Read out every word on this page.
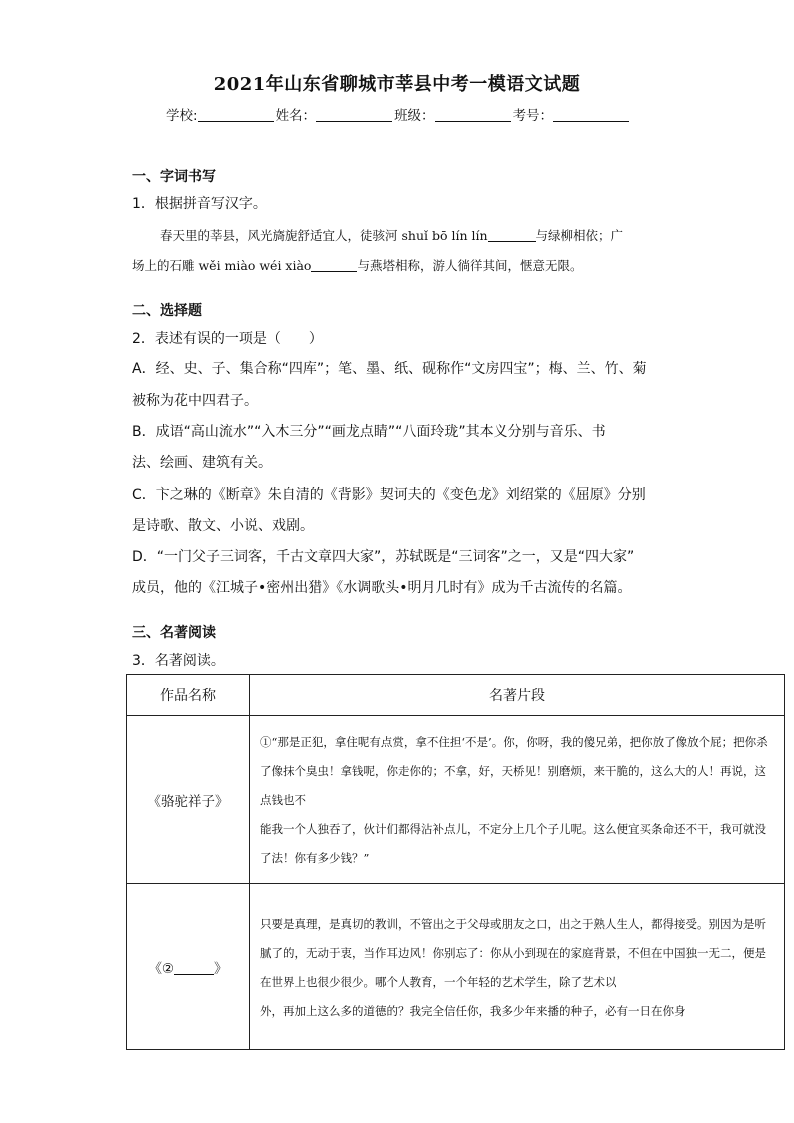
2021年山东省聊城市莘县中考一模语文试题
学校:	姓名：	班级：	考号：
一、字词书写
1．根据拼音写汉字。
春天里的莘县，风光旖旎舒适宜人，徒骇河 shuǐ bō lín lín	与绿柳相依；广
场上的石雕 wěi miào wéi xiào	与燕塔相称，游人徜徉其间，惬意无限。
二、选择题
2．表述有误的一项是（　　）
A．经、史、子、集合称“四库”；笔、墨、纸、砚称作“文房四宝”；梅、兰、竹、菊
被称为花中四君子。
B．成语“高山流水”“入木三分”“画龙点睛”“八面玲珑”其本义分别与音乐、书
法、绘画、建筑有关。
C．卞之琳的《断章》朱自清的《背影》契诃夫的《变色龙》刘绍棠的《屈原》分别
是诗歌、散文、小说、戏剧。
D．“一门父子三词客，千古文章四大家”，苏轼既是“三词客”之一，又是“四大家”
成员，他的《江城子•密州出猎》《水调歌头•明月几时有》成为千古流传的名篇。
三、名著阅读
3．名著阅读。
作品名称	名著片段
《骆驼祥子》	①“那是正犯，拿住呢有点赏，拿不住担‘不是’。你，你呀，我的傻兄弟，把你放了像放个屁；把你杀了像抹个臭虫！拿钱呢，你走你的；不拿，好，天桥见！别磨烦，来干脆的，这么大的人！再说，这点钱也不
能我一个人独吞了，伙计们都得沾补点儿，不定分上几个子儿呢。这么便宜买条命还不干，我可就没了法！你有多少钱？”

《② 》	只要是真理，是真切的教训，不管出之于父母或朋友之口，出之于熟人生人，都得接受。别因为是听腻了的，无动于衷，当作耳边风！你别忘了：你从小到现在的家庭背景，不但在中国独一无二，便是在世界上也很少很少。哪个人教育，一个年轻的艺术学生，除了艺术以
外，再加上这么多的道德的？我完全信任你，我多少年来播的种子，必有一日在你身
